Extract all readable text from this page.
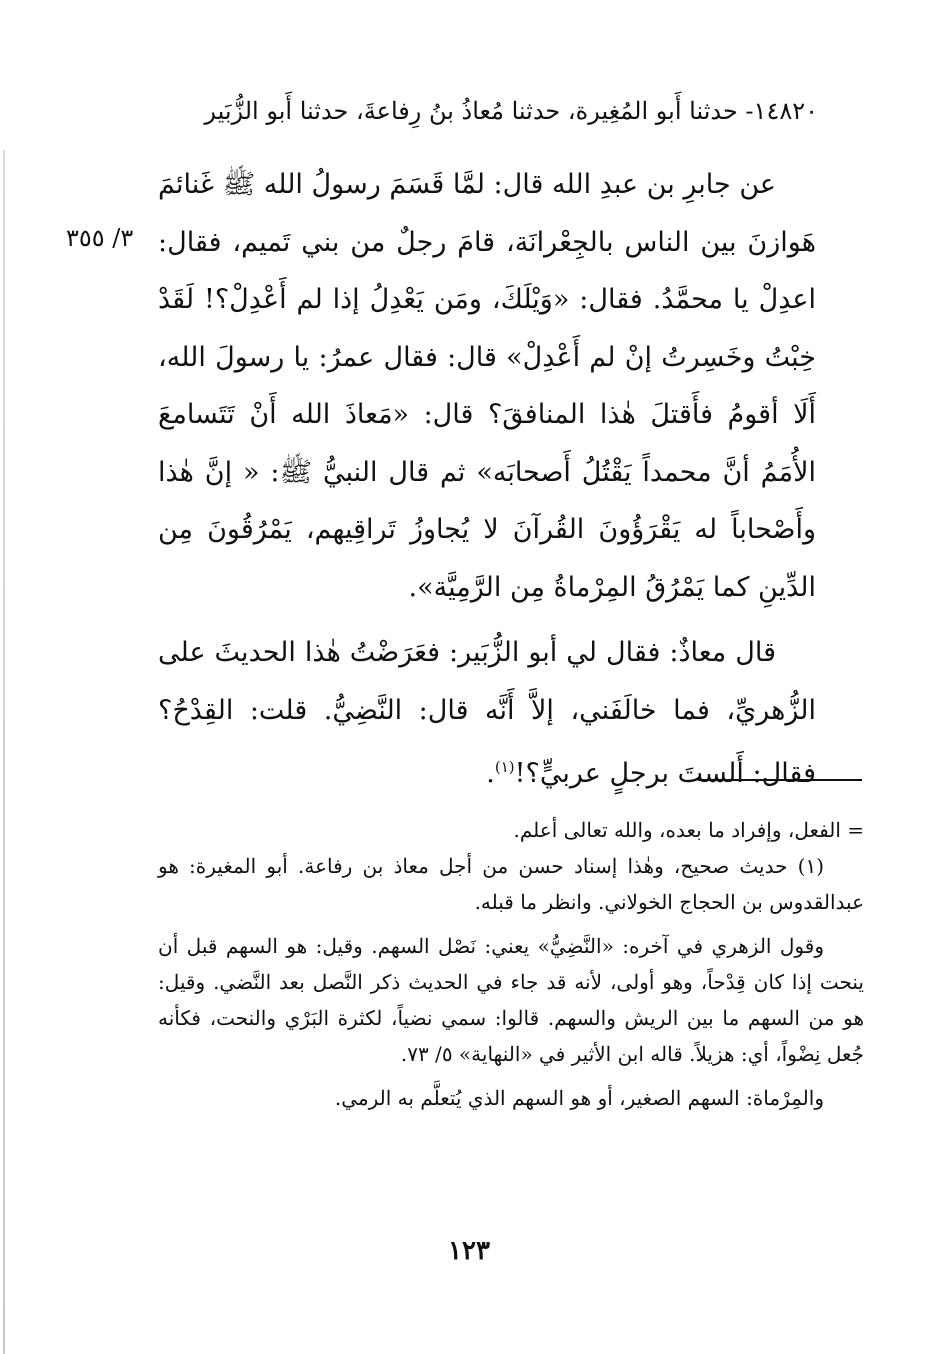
١٤٨٢٠- حدثنا أَبو المُغِيرة، حدثنا مُعاذُ بنُ رِفاعةَ، حدثنا أَبو الزُّبَير
٣/ ٣٥٥

عن جابرِ بن عبدِ الله قال: لمَّا قَسَمَ رسولُ الله ﷺ غَنائمَ هَوازنَ بين الناس بالجِعْرانَة، قامَ رجلٌ من بني تَميم، فقال: اعدِلْ يا محمَّدُ. فقال: «وَيْلَكَ، ومَن يَعْدِلُ إذا لم أَعْدِلْ؟! لَقَدْ خِبْتُ وخَسِرتُ إنْ لم أَعْدِلْ» قال: فقال عمرُ: يا رسولَ الله، أَلَا أقومُ فأَقتلَ هٰذا المنافقَ؟ قال: «مَعاذَ الله أَنْ تَتَسامعَ الأُمَمُ أنَّ محمداً يَقْتُلُ أَصحابَه» ثم قال النبيُّ ﷺ: « إنَّ هٰذا وأَصْحاباً له يَقْرَؤُونَ القُرآنَ لا يُجاوزُ تَراقِيهم، يَمْرُقُونَ مِن الدِّينِ كما يَمْرُقُ المِرْماةُ مِن الرَّمِيَّة».

قال معاذٌ: فقال لي أبو الزُّبَير: فعَرَضْتُ هٰذا الحديثَ على الزُّهريِّ، فما خالَفَني، إلاَّ أَنَّه قال: النَّضِيُّ. قلت: القِدْحُ؟ فقال: أَلستَ برجلٍ عربيٍّ؟!$^{(١)}$.

= الفعل، وإفراد ما بعده، والله تعالى أعلم.

(١) حديث صحيح، وهٰذا إسناد حسن من أجل معاذ بن رفاعة. أبو المغيرة: هو عبدالقدوس بن الحجاج الخولاني. وانظر ما قبله.

وقول الزهري في آخره: «النَّضِيُّ» يعني: نَصْل السهم. وقيل: هو السهم قبل أن ينحت إذا كان قِدْحاً، وهو أولى، لأنه قد جاء في الحديث ذكر النَّصل بعد النَّضي. وقيل: هو من السهم ما بين الريش والسهم. قالوا: سمي نضياً، لكثرة البَرْي والنحت، فكأنه جُعل نِضْواً، أي: هزيلاً. قاله ابن الأثير في «النهاية» ٥/ ٧٣.

والمِرْماة: السهم الصغير، أو هو السهم الذي يُتعلَّم به الرمي.

١٢٣
